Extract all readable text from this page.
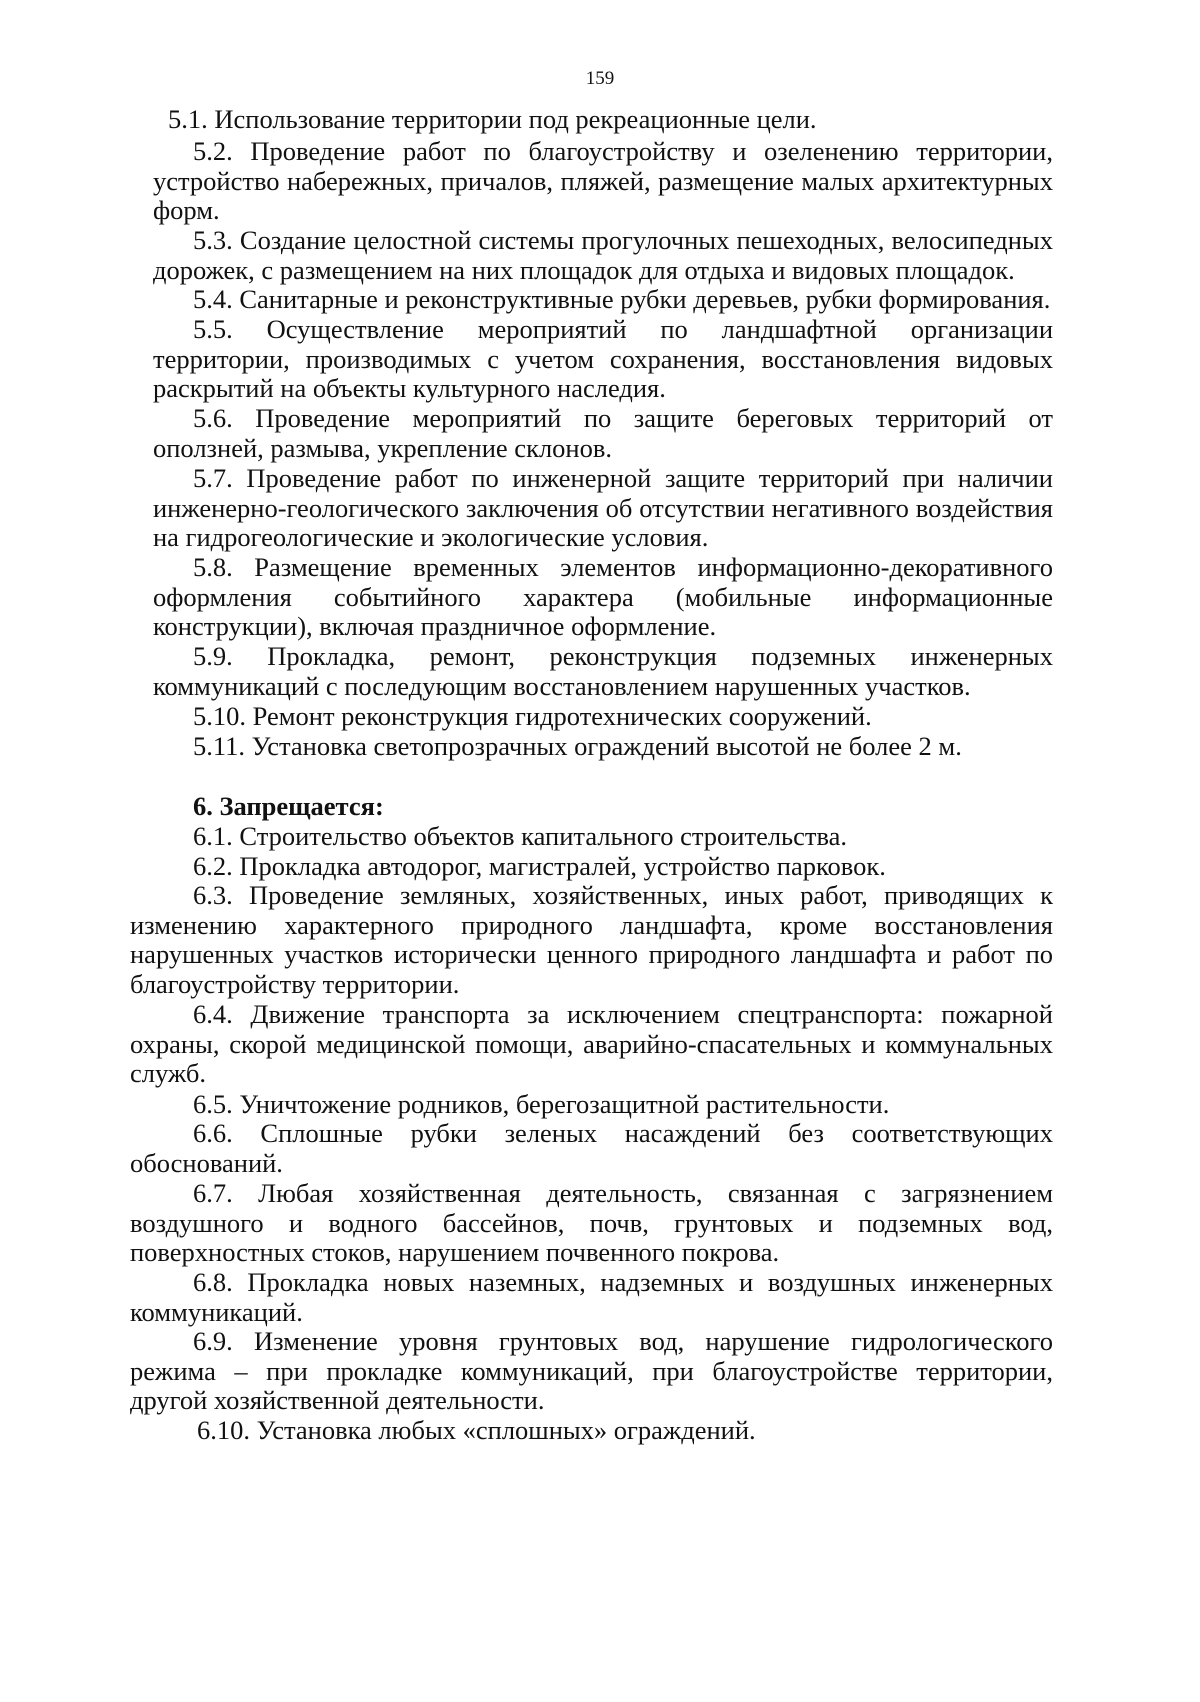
159

5.1. Использование территории под рекреационные цели.

5.2. Проведение работ по благоустройству и озеленению территории, устройство набережных, причалов, пляжей, размещение малых архитектурных форм.

5.3. Создание целостной системы прогулочных пешеходных, велосипедных дорожек, с размещением на них площадок для отдыха и видовых площадок.

5.4. Санитарные и реконструктивные рубки деревьев, рубки формирования.

5.5. Осуществление мероприятий по ландшафтной организации территории, производимых с учетом сохранения, восстановления видовых раскрытий на объекты культурного наследия.

5.6. Проведение мероприятий по защите береговых территорий от оползней, размыва, укрепление склонов.

5.7. Проведение работ по инженерной защите территорий при наличии инженерно-геологического заключения об отсутствии негативного воздействия на гидрогеологические и экологические условия.

5.8. Размещение временных элементов информационно-декоративного оформления событийного характера (мобильные информационные конструкции), включая праздничное оформление.

5.9. Прокладка, ремонт, реконструкция подземных инженерных коммуникаций с последующим восстановлением нарушенных участков.

5.10. Ремонт реконструкция гидротехнических сооружений.

5.11. Установка светопрозрачных ограждений высотой не более 2 м.

6. Запрещается:

6.1. Строительство объектов капитального строительства.

6.2. Прокладка автодорог, магистралей, устройство парковок.

6.3. Проведение земляных, хозяйственных, иных работ, приводящих к изменению характерного природного ландшафта, кроме восстановления нарушенных участков исторически ценного природного ландшафта и работ по благоустройству территории.

6.4. Движение транспорта за исключением спецтранспорта: пожарной охраны, скорой медицинской помощи, аварийно-спасательных и коммунальных служб.

6.5. Уничтожение родников, берегозащитной растительности.

6.6. Сплошные рубки зеленых насаждений без соответствующих обоснований.

6.7. Любая хозяйственная деятельность, связанная с загрязнением воздушного и водного бассейнов, почв, грунтовых и подземных вод, поверхностных стоков, нарушением почвенного покрова.

6.8. Прокладка новых наземных, надземных и воздушных инженерных коммуникаций.

6.9. Изменение уровня грунтовых вод, нарушение гидрологического режима – при прокладке коммуникаций, при благоустройстве территории, другой хозяйственной деятельности.

6.10. Установка любых «сплошных» ограждений.
